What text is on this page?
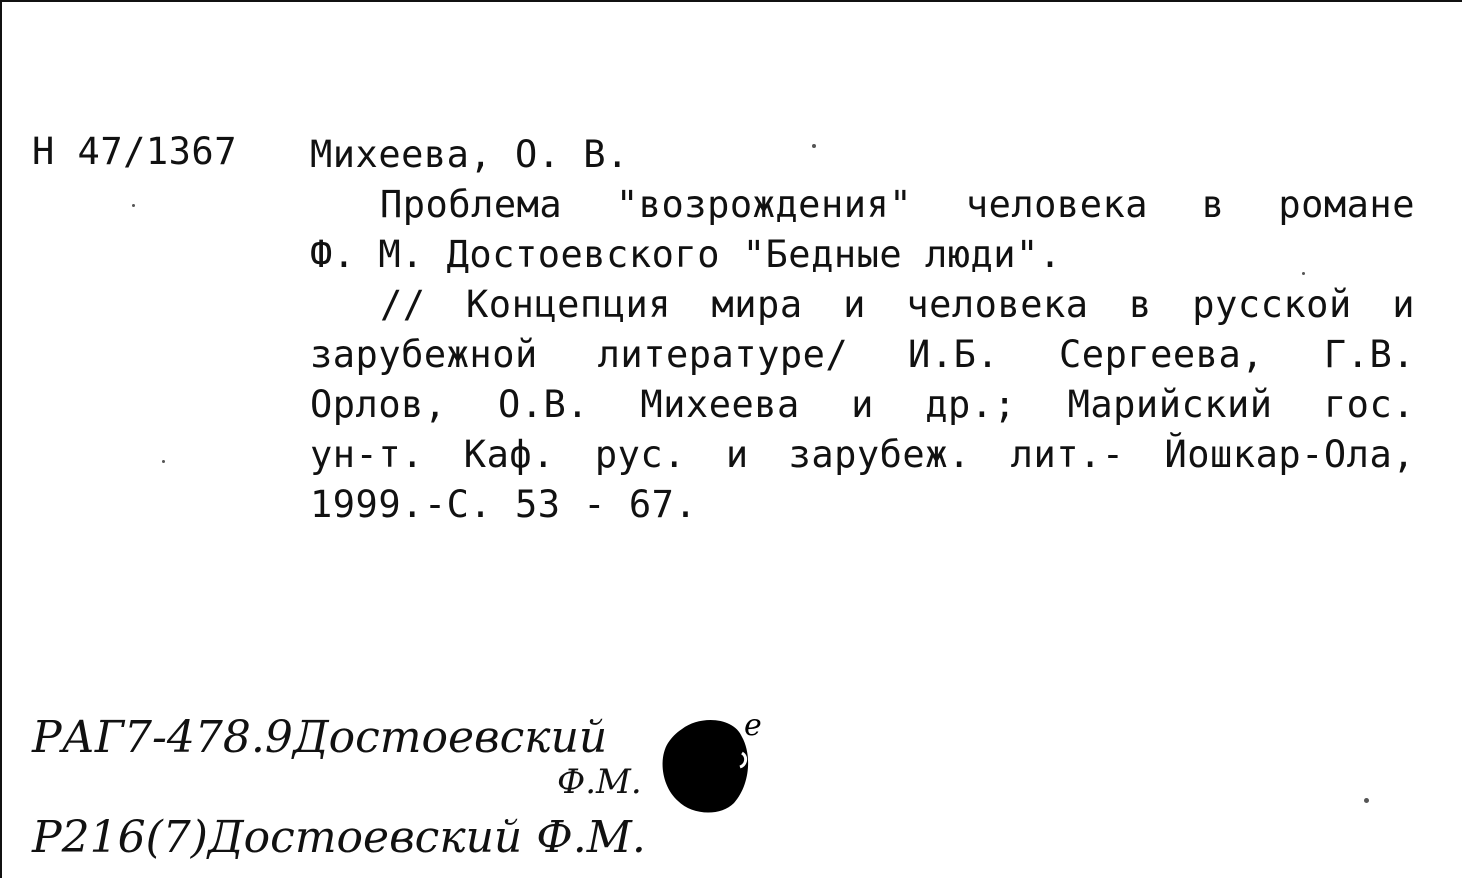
Н 47/1367 Михеева, О. В.
Проблема "возрождения" человека в романе
Ф. М. Достоевского "Бедные люди".
// Концепция мира и человека в русской и
зарубежной литературе/ И.Б. Сергеева, Г.В.
Орлов, О.В. Михеева и др.; Марийский гос.
ун-т. Каф. рус. и зарубеж. лит.- Йошкар-Ола,
1999.-С. 53 - 67.
РАГ7-478.9Достоевский
Ф.М.
Р216(7)Достоевский Ф.М.
е
